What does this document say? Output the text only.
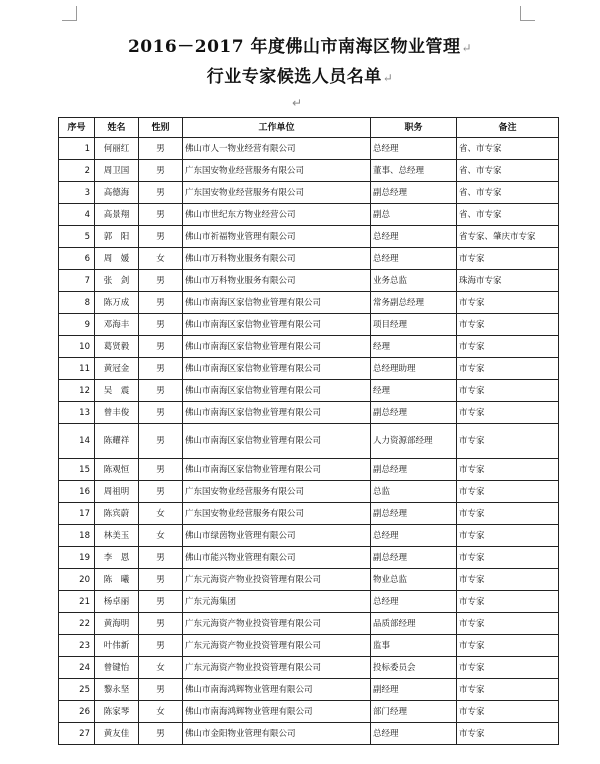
2016－2017 年度佛山市南海区物业管理↵
行业专家候选人员名单↵
↵
序号	姓名	性别	工作单位	职务	备注
1	何丽红	男	佛山市人一物业经营有限公司	总经理	省、市专家
2	周卫国	男	广东国安物业经营服务有限公司	董事、总经理	省、市专家
3	高德海	男	广东国安物业经营服务有限公司	副总经理	省、市专家
4	高景翔	男	佛山市世纪东方物业经营公司	副总	省、市专家
5	郭　阳	男	佛山市祈福物业管理有限公司	总经理	省专家、肇庆市专家
6	周　媛	女	佛山市万科物业服务有限公司	总经理	市专家
7	张　剑	男	佛山市万科物业服务有限公司	业务总监	珠海市专家
8	陈万成	男	佛山市南海区家信物业管理有限公司	常务副总经理	市专家
9	邓海丰	男	佛山市南海区家信物业管理有限公司	项目经理	市专家
10	葛贤毅	男	佛山市南海区家信物业管理有限公司	经理	市专家
11	黄冠金	男	佛山市南海区家信物业管理有限公司	总经理助理	市专家
12	吴　震	男	佛山市南海区家信物业管理有限公司	经理	市专家
13	曾丰俊	男	佛山市南海区家信物业管理有限公司	副总经理	市专家
14	陈耀祥	男	佛山市南海区家信物业管理有限公司	人力资源部经理	市专家
15	陈观恒	男	佛山市南海区家信物业管理有限公司	副总经理	市专家
16	周祖明	男	广东国安物业经营服务有限公司	总监	市专家
17	陈宾蔚	女	广东国安物业经营服务有限公司	副总经理	市专家
18	林美玉	女	佛山市绿茵物业管理有限公司	总经理	市专家
19	李　恩	男	佛山市能兴物业管理有限公司	副总经理	市专家
20	陈　曦	男	广东元海资产物业投资管理有限公司	物业总监	市专家
21	杨卓丽	男	广东元海集团	总经理	市专家
22	黄海明	男	广东元海资产物业投资管理有限公司	品质部经理	市专家
23	叶伟新	男	广东元海资产物业投资管理有限公司	监事	市专家
24	曾键怡	女	广东元海资产物业投资管理有限公司	投标委员会	市专家
25	黎永坚	男	佛山市南海鸿辉物业管理有限公司	副经理	市专家
26	陈家琴	女	佛山市南海鸿辉物业管理有限公司	部门经理	市专家
27	黄友佳	男	佛山市金阳物业管理有限公司	总经理	市专家
